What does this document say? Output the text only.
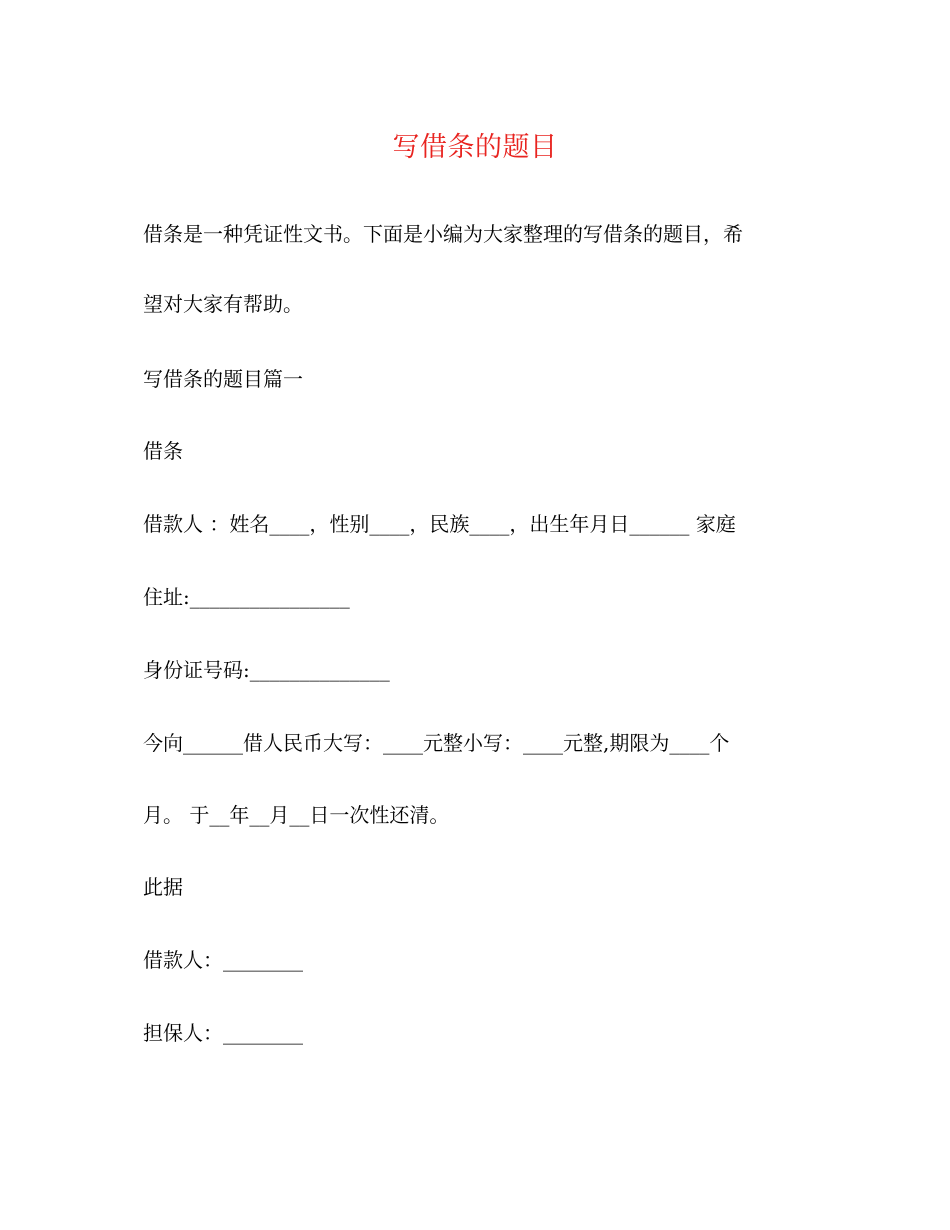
写借条的题目
借条是一种凭证性文书。下面是小编为大家整理的写借条的题目，希
望对大家有帮助。
写借条的题目篇一
借条
借款人 ：姓名____，性别____，民族____，出生年月日______ 家庭
住址:________________
身份证号码:______________
今向______借人民币大写：____元整小写：____元整,期限为____个
月。 于__年__月__日一次性还清。
此据
借款人：________
担保人：________
